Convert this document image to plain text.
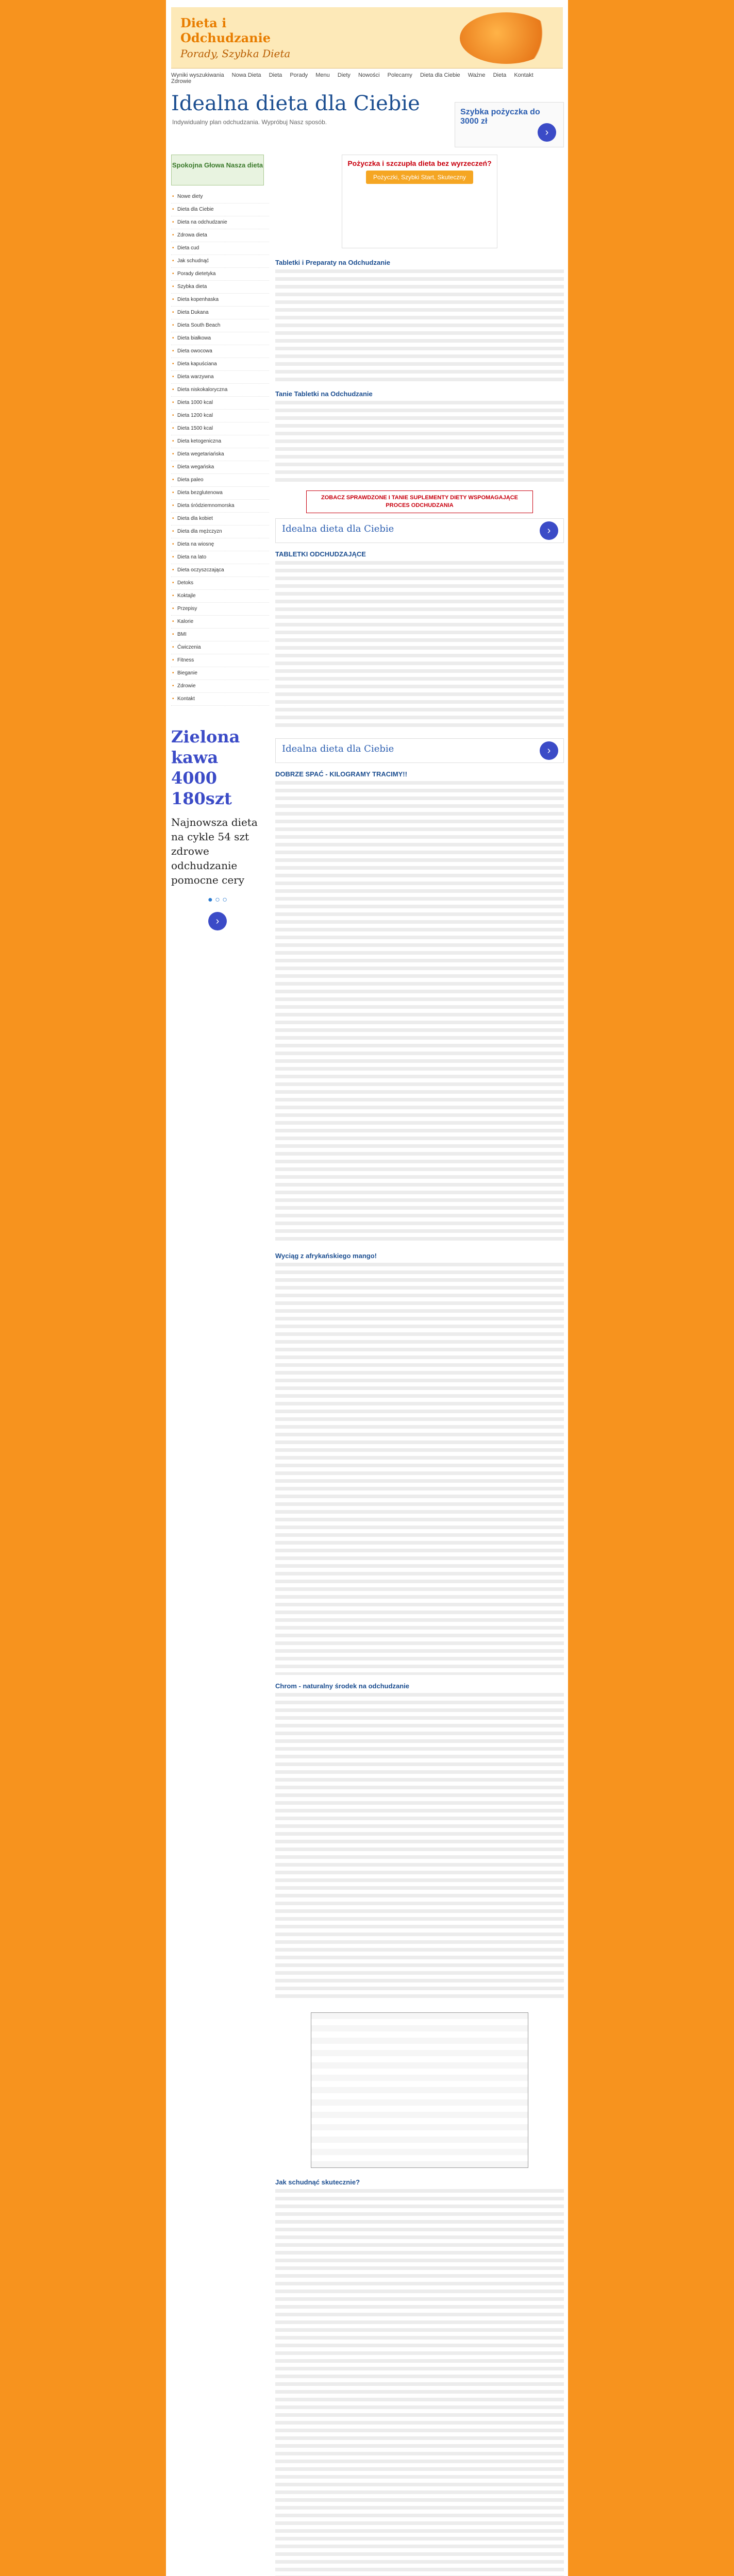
Dieta i Odchudzanie
Porady, Szybka Dieta
Wyniki wyszukiwania Nowa Dieta Dieta Porady Menu Diety Nowości Polecamy Dieta dla Ciebie Ważne Dieta Kontakt Zdrowie
Idealna dieta dla Ciebie
Indywidualny plan odchudzania. Wypróbuj Nasz sposób.
Szybka pożyczka do 3000 zł
›
Spokojna Głowa Nasza dieta
• Nowe diety
• Dieta dla Ciebie
• Dieta na odchudzanie
• Zdrowa dieta
• Dieta cud
• Jak schudnąć
• Porady dietetyka
• Szybka dieta
• Dieta kopenhaska
• Dieta Dukana
• Dieta South Beach
• Dieta białkowa
• Dieta owocowa
• Dieta kapuściana
• Dieta warzywna
• Dieta niskokaloryczna
• Dieta 1000 kcal
• Dieta 1200 kcal
• Dieta 1500 kcal
• Dieta ketogeniczna
• Dieta wegetariańska
• Dieta wegańska
• Dieta paleo
• Dieta bezglutenowa
• Dieta śródziemnomorska
• Dieta dla kobiet
• Dieta dla mężczyzn
• Dieta na wiosnę
• Dieta na lato
• Dieta oczyszczająca
• Detoks
• Koktajle
• Przepisy
• Kalorie
• BMI
• Ćwiczenia
• Fitness
• Bieganie
• Zdrowie
• Kontakt
Zielona kawa 4000 180szt
Najnowsza dieta na cykle 54 szt zdrowe odchudzanie pomocne cery
● ○ ○
›
Pożyczka i szczupła dieta bez wyrzeczeń?
Pożyczki, Szybki Start, Skuteczny
Tabletki i Preparaty na Odchudzanie
Tanie Tabletki na Odchudzanie
ZOBACZ SPRAWDZONE I TANIE SUPLEMENTY DIETY WSPOMAGAJĄCE PROCES ODCHUDZANIA
Idealna dieta dla Ciebie	›
TABLETKI ODCHUDZAJĄCE
Idealna dieta dla Ciebie	›
DOBRZE SPAĆ - KILOGRAMY TRACIMY!!
Wyciąg z afrykańskiego mango!
Chrom - naturalny środek na odchudzanie
Jak schudnąć skutecznie?
